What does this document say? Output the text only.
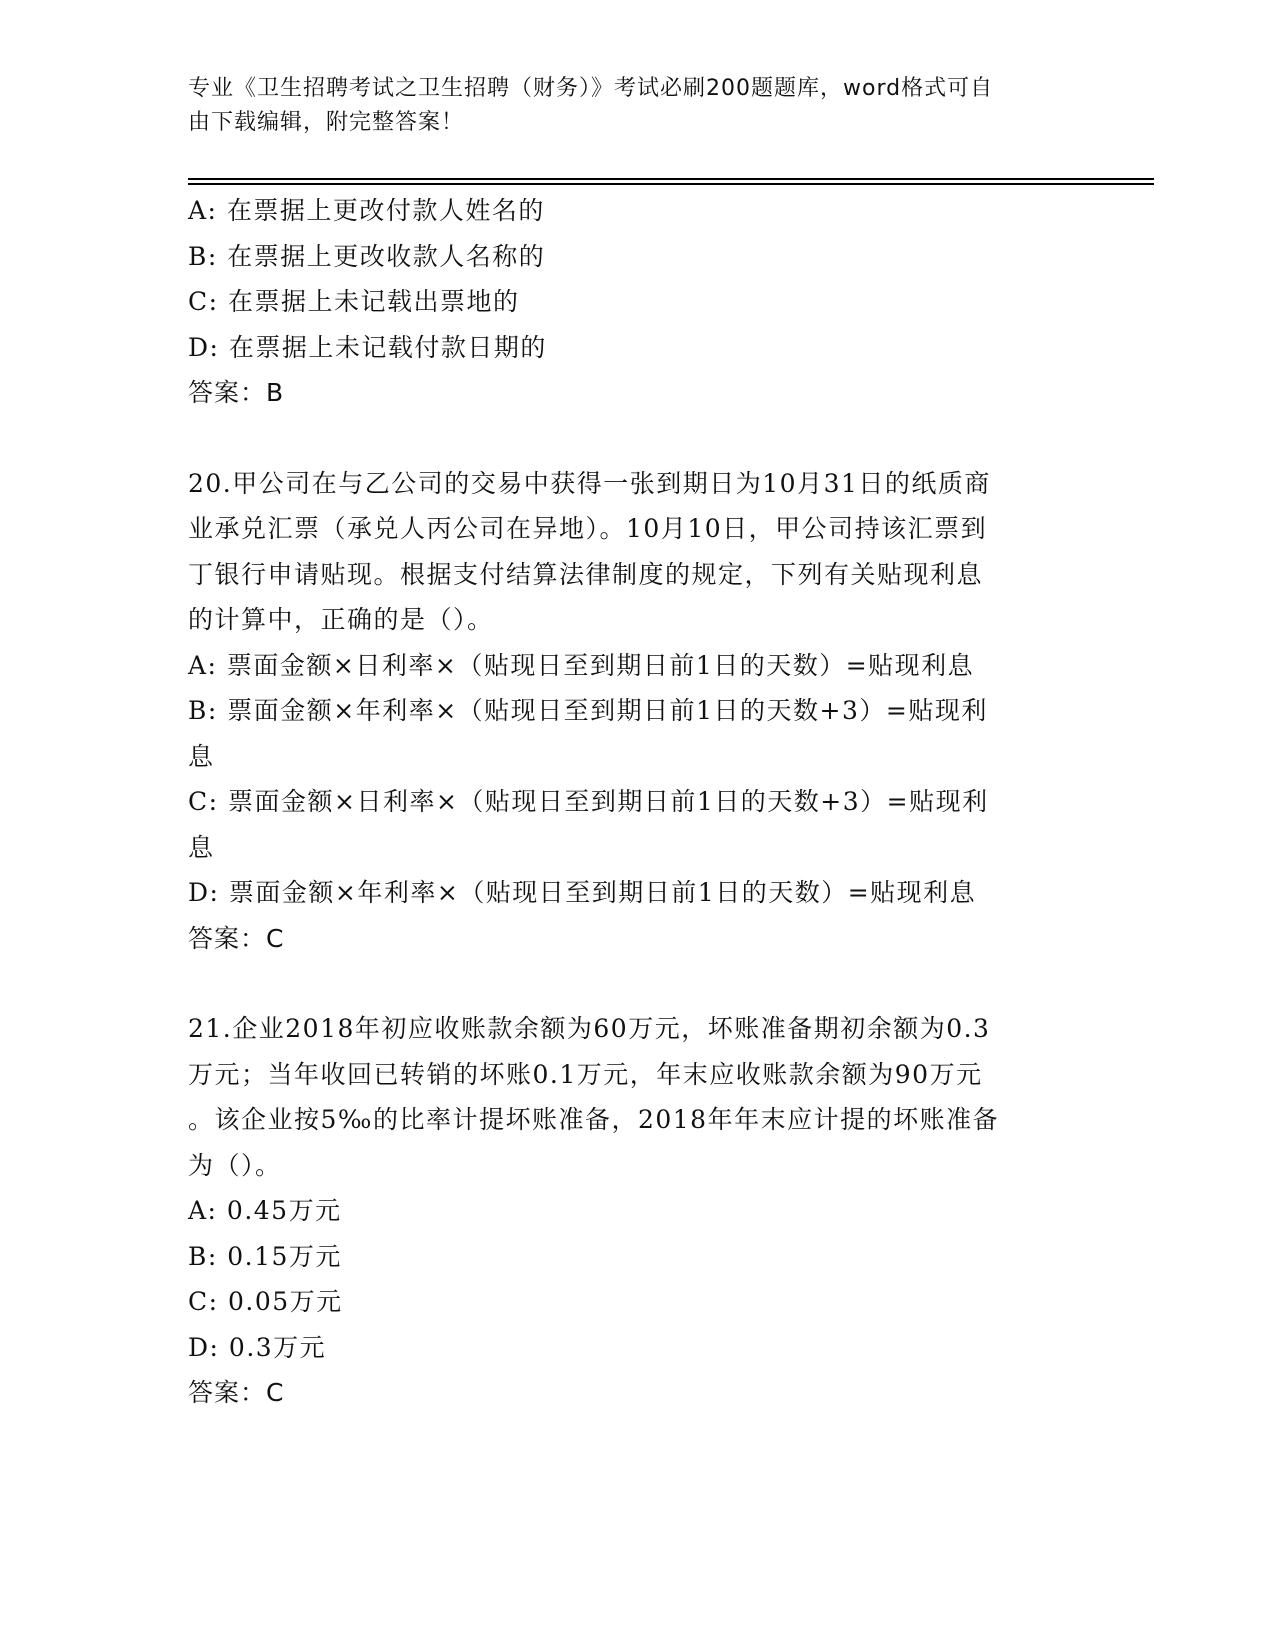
专业《卫生招聘考试之卫生招聘（财务）》考试必刷200题题库，word格式可自
由下载编辑，附完整答案！
A: 在票据上更改付款人姓名的
B: 在票据上更改收款人名称的
C: 在票据上未记载出票地的
D: 在票据上未记载付款日期的
答案：B
20.甲公司在与乙公司的交易中获得一张到期日为10月31日的纸质商
业承兑汇票（承兑人丙公司在异地）。10月10日，甲公司持该汇票到
丁银行申请贴现。根据支付结算法律制度的规定，下列有关贴现利息
的计算中，正确的是（）。
A: 票面金额×日利率×（贴现日至到期日前1日的天数）=贴现利息
B: 票面金额×年利率×（贴现日至到期日前1日的天数+3）=贴现利
息
C: 票面金额×日利率×（贴现日至到期日前1日的天数+3）=贴现利
息
D: 票面金额×年利率×（贴现日至到期日前1日的天数）=贴现利息
答案：C
21.企业2018年初应收账款余额为60万元，坏账准备期初余额为0.3
万元；当年收回已转销的坏账0.1万元，年末应收账款余额为90万元
。该企业按5‰的比率计提坏账准备，2018年年末应计提的坏账准备
为（）。
A: 0.45万元
B: 0.15万元
C: 0.05万元
D: 0.3万元
答案：C
